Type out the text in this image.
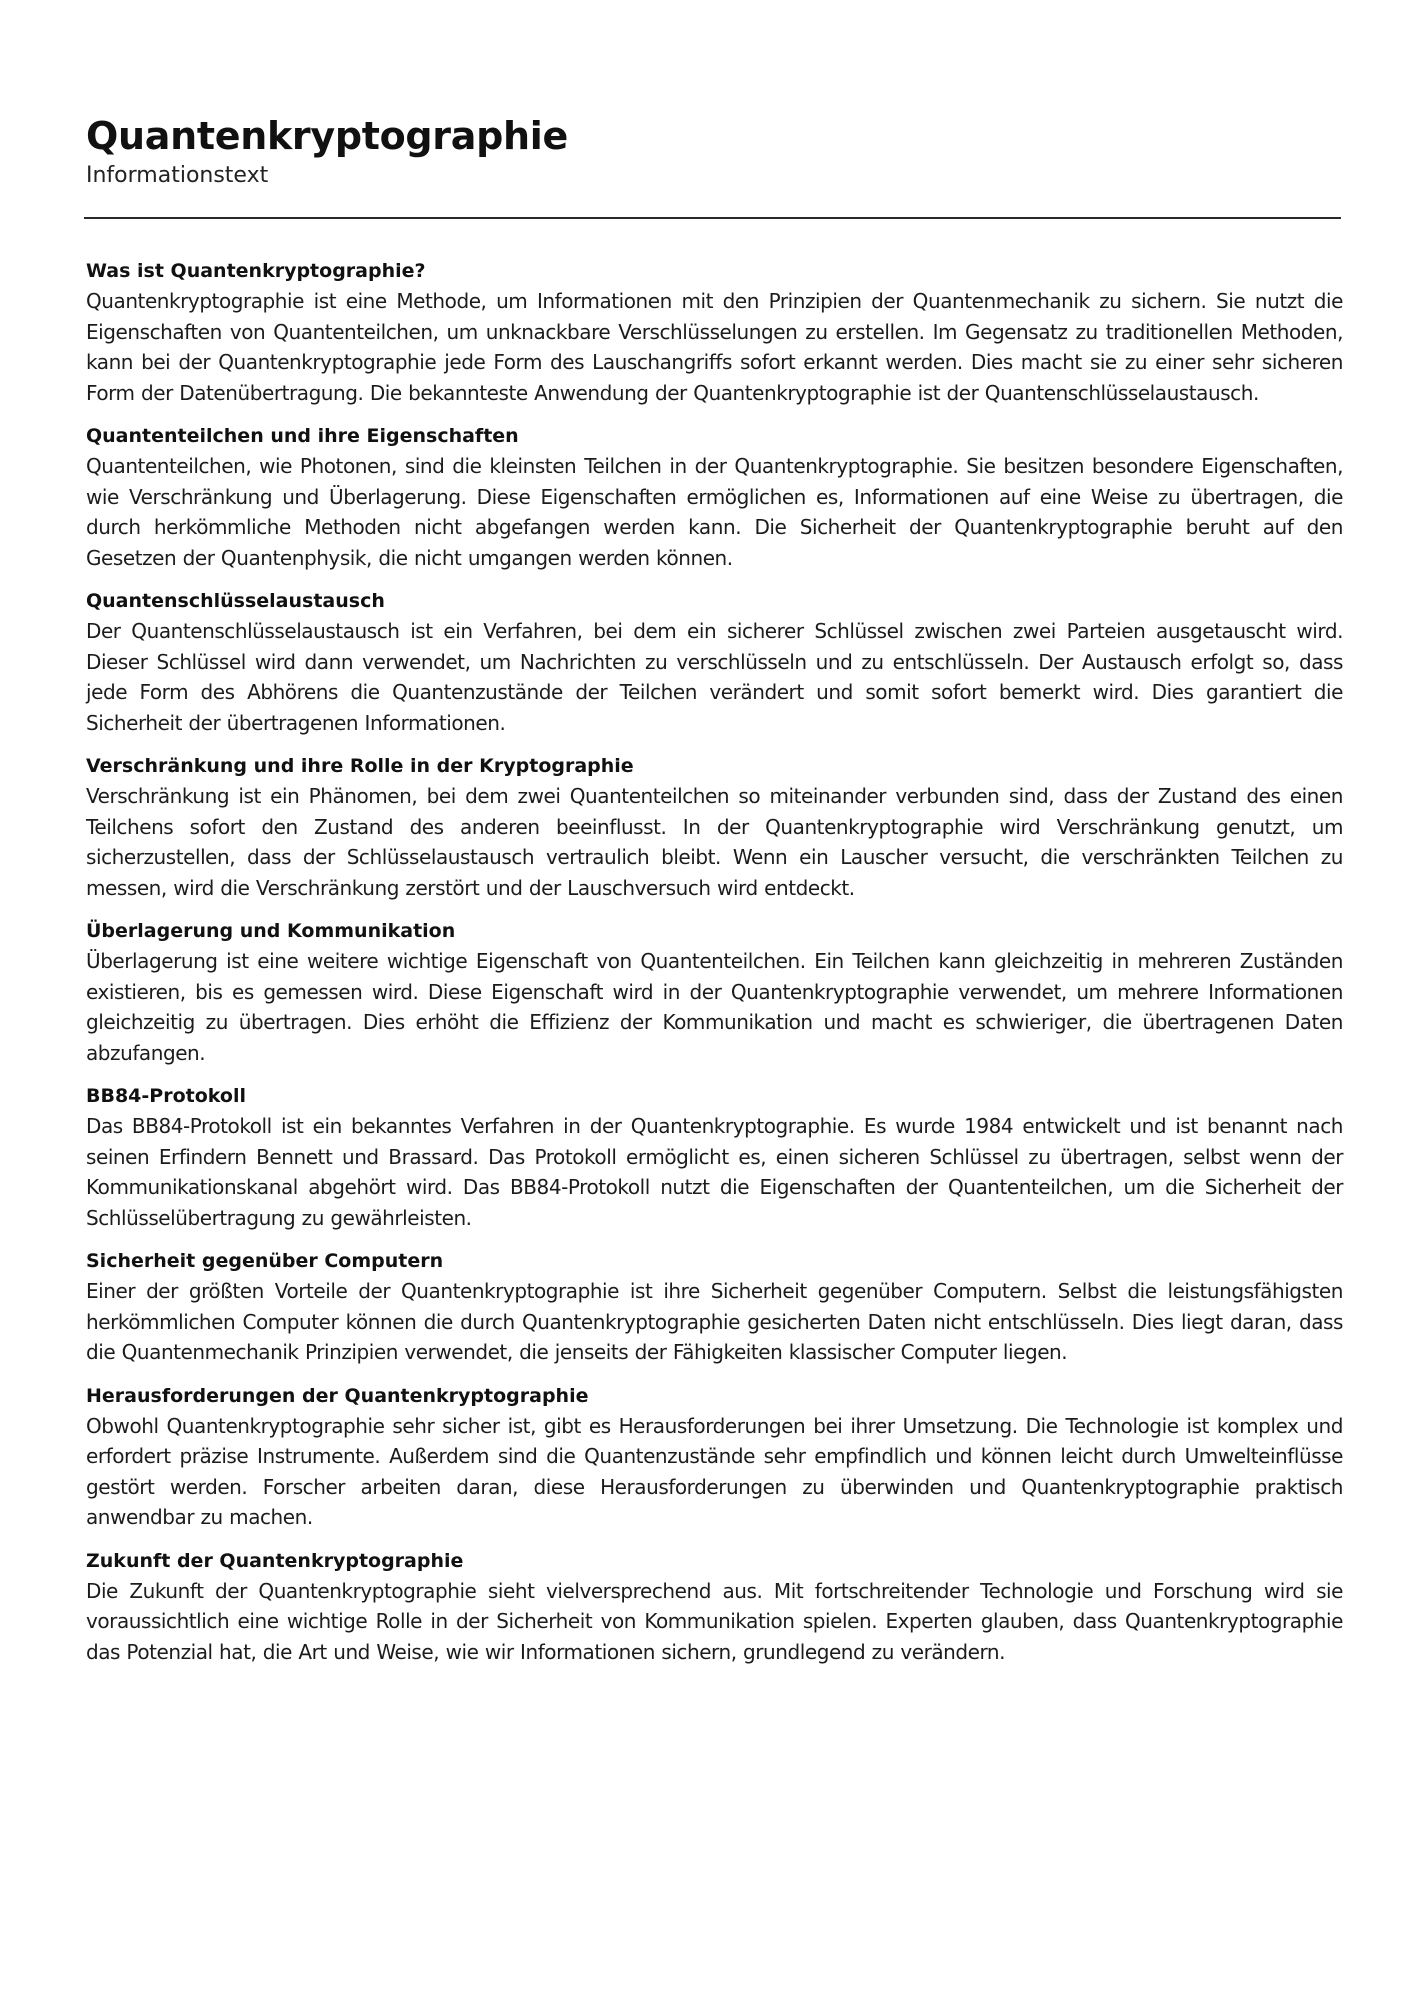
Quantenkryptographie

Informationstext

Was ist Quantenkryptographie?

Quantenkryptographie ist eine Methode, um Informationen mit den Prinzipien der Quantenmechanik zu sichern. Sie nutzt die Eigenschaften von Quantenteilchen, um unknackbare Verschlüsselungen zu erstellen. Im Gegensatz zu traditionellen Methoden, kann bei der Quantenkryptographie jede Form des Lauschangriffs sofort erkannt werden. Dies macht sie zu einer sehr sicheren Form der Datenübertragung. Die bekannteste Anwendung der Quantenkryptographie ist der Quantenschlüsselaustausch.

Quantenteilchen und ihre Eigenschaften

Quantenteilchen, wie Photonen, sind die kleinsten Teilchen in der Quantenkryptographie. Sie besitzen besondere Eigenschaften, wie Verschränkung und Überlagerung. Diese Eigenschaften ermöglichen es, Informationen auf eine Weise zu übertragen, die durch herkömmliche Methoden nicht abgefangen werden kann. Die Sicherheit der Quantenkryptographie beruht auf den Gesetzen der Quantenphysik, die nicht umgangen werden können.

Quantenschlüsselaustausch

Der Quantenschlüsselaustausch ist ein Verfahren, bei dem ein sicherer Schlüssel zwischen zwei Parteien ausgetauscht wird. Dieser Schlüssel wird dann verwendet, um Nachrichten zu verschlüsseln und zu entschlüsseln. Der Austausch erfolgt so, dass jede Form des Abhörens die Quantenzustände der Teilchen verändert und somit sofort bemerkt wird. Dies garantiert die Sicherheit der übertragenen Informationen.

Verschränkung und ihre Rolle in der Kryptographie

Verschränkung ist ein Phänomen, bei dem zwei Quantenteilchen so miteinander verbunden sind, dass der Zustand des einen Teilchens sofort den Zustand des anderen beeinflusst. In der Quantenkryptographie wird Verschränkung genutzt, um sicherzustellen, dass der Schlüsselaustausch vertraulich bleibt. Wenn ein Lauscher versucht, die verschränkten Teilchen zu messen, wird die Verschränkung zerstört und der Lauschversuch wird entdeckt.

Überlagerung und Kommunikation

Überlagerung ist eine weitere wichtige Eigenschaft von Quantenteilchen. Ein Teilchen kann gleichzeitig in mehreren Zuständen existieren, bis es gemessen wird. Diese Eigenschaft wird in der Quantenkryptographie verwendet, um mehrere Informationen gleichzeitig zu übertragen. Dies erhöht die Effizienz der Kommunikation und macht es schwieriger, die übertragenen Daten abzufangen.

BB84-Protokoll

Das BB84-Protokoll ist ein bekanntes Verfahren in der Quantenkryptographie. Es wurde 1984 entwickelt und ist benannt nach seinen Erfindern Bennett und Brassard. Das Protokoll ermöglicht es, einen sicheren Schlüssel zu übertragen, selbst wenn der Kommunikationskanal abgehört wird. Das BB84-Protokoll nutzt die Eigenschaften der Quantenteilchen, um die Sicherheit der Schlüsselübertragung zu gewährleisten.

Sicherheit gegenüber Computern

Einer der größten Vorteile der Quantenkryptographie ist ihre Sicherheit gegenüber Computern. Selbst die leistungsfähigsten herkömmlichen Computer können die durch Quantenkryptographie gesicherten Daten nicht entschlüsseln. Dies liegt daran, dass die Quantenmechanik Prinzipien verwendet, die jenseits der Fähigkeiten klassischer Computer liegen.

Herausforderungen der Quantenkryptographie

Obwohl Quantenkryptographie sehr sicher ist, gibt es Herausforderungen bei ihrer Umsetzung. Die Technologie ist komplex und erfordert präzise Instrumente. Außerdem sind die Quantenzustände sehr empfindlich und können leicht durch Umwelteinflüsse gestört werden. Forscher arbeiten daran, diese Herausforderungen zu überwinden und Quantenkryptographie praktisch anwendbar zu machen.

Zukunft der Quantenkryptographie

Die Zukunft der Quantenkryptographie sieht vielversprechend aus. Mit fortschreitender Technologie und Forschung wird sie voraussichtlich eine wichtige Rolle in der Sicherheit von Kommunikation spielen. Experten glauben, dass Quantenkryptographie das Potenzial hat, die Art und Weise, wie wir Informationen sichern, grundlegend zu verändern.
